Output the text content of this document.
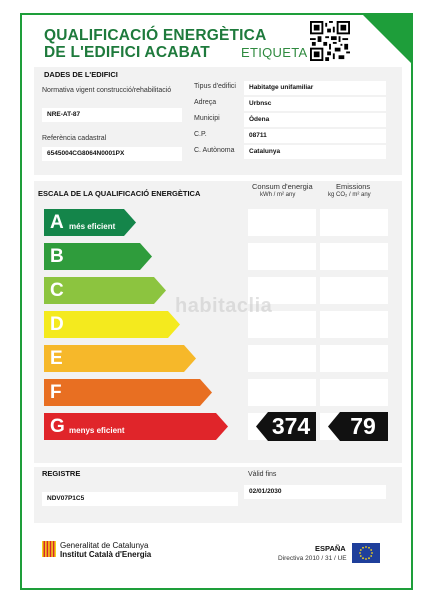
QUALIFICACIÓ ENERGÈTICA
DE L'EDIFICI ACABAT ETIQUETA
DADES DE L'EDIFICI
Normativa vigent construcció/rehabilitació
NRE-AT-87
Referència cadastral
6545004CG8064N0001PX
Tipus d'edifici	Habitatge unifamiliar
Adreça	Urbnsc
Municipi	Òdena
C.P.	08711
C. Autònoma	Catalunya
ESCALA DE LA QUALIFICACIÓ ENERGÈTICA
Consum d'energia
kWh / m² any
Emissions
kg CO₂ / m² any
A més eficient
B
C
D
E
F
G menys eficient	374	79
habitaclia
REGISTRE
NDV07P1C5
Vàlid fins
02/01/2030
Generalitat de Catalunya
Institut Català d'Energia
ESPAÑA
Directiva 2010 / 31 / UE
